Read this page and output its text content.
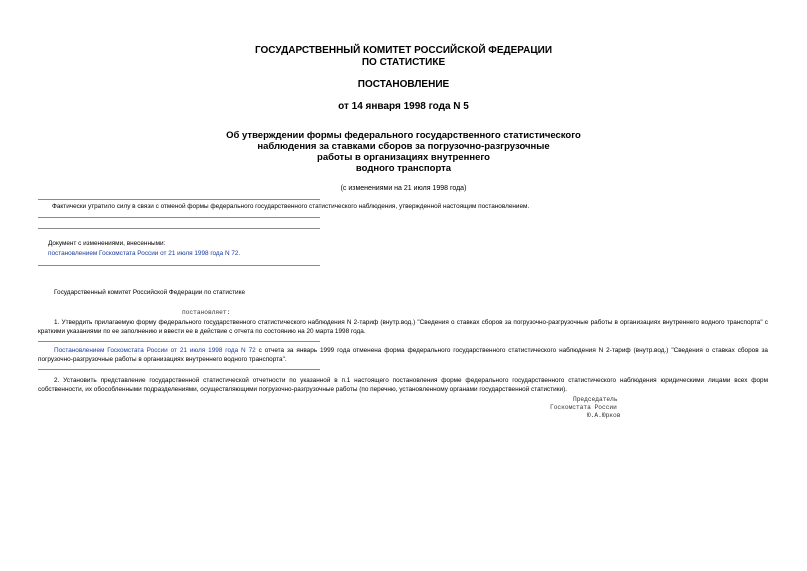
ГОСУДАРСТВЕННЫЙ КОМИТЕТ РОССИЙСКОЙ ФЕДЕРАЦИИ
ПО СТАТИСТИКЕ
ПОСТАНОВЛЕНИЕ
от 14 января 1998 года N 5
Об утверждении формы федерального государственного статистического
наблюдения за ставками сборов за погрузочно-разгрузочные
работы в организациях внутреннего
водного транспорта
(с изменениями на 21 июля 1998 года)
Фактически утратило силу в связи с отменой формы федерального государственного статистического наблюдения, утвержденной настоящим постановлением.
Документ с изменениями, внесенными:
постановлением Госкомстата России от 21 июля 1998 года N 72.
Государственный комитет Российской Федерации по статистике
постановляет:
1. Утвердить прилагаемую форму федерального государственного статистического наблюдения N 2-тариф (внутр.вод.) "Сведения о ставках сборов за погрузочно-разгрузочные работы в организациях внутреннего водного транспорта" с краткими указаниями по ее заполнению и ввести ее в действие с отчета по состоянию на 20 марта 1998 года.
Постановлением Госкомстата России от 21 июля 1998 года N 72 с отчета за январь 1999 года отменена форма федерального государственного статистического наблюдения N 2-тариф (внутр.вод.) "Сведения о ставках сборов за погрузочно-разгрузочные работы в организациях внутреннего водного транспорта".
2. Установить представление государственной статистической отчетности по указанной в п.1 настоящего постановления форме федерального государственного статистического наблюдения юридическими лицами всех форм собственности, их обособленными подразделениями, осуществляющими погрузочно-разгрузочные работы (по перечню, установленному органами государственной статистики).
Председатель
Госкомстата России
Ю.А.Юрков
